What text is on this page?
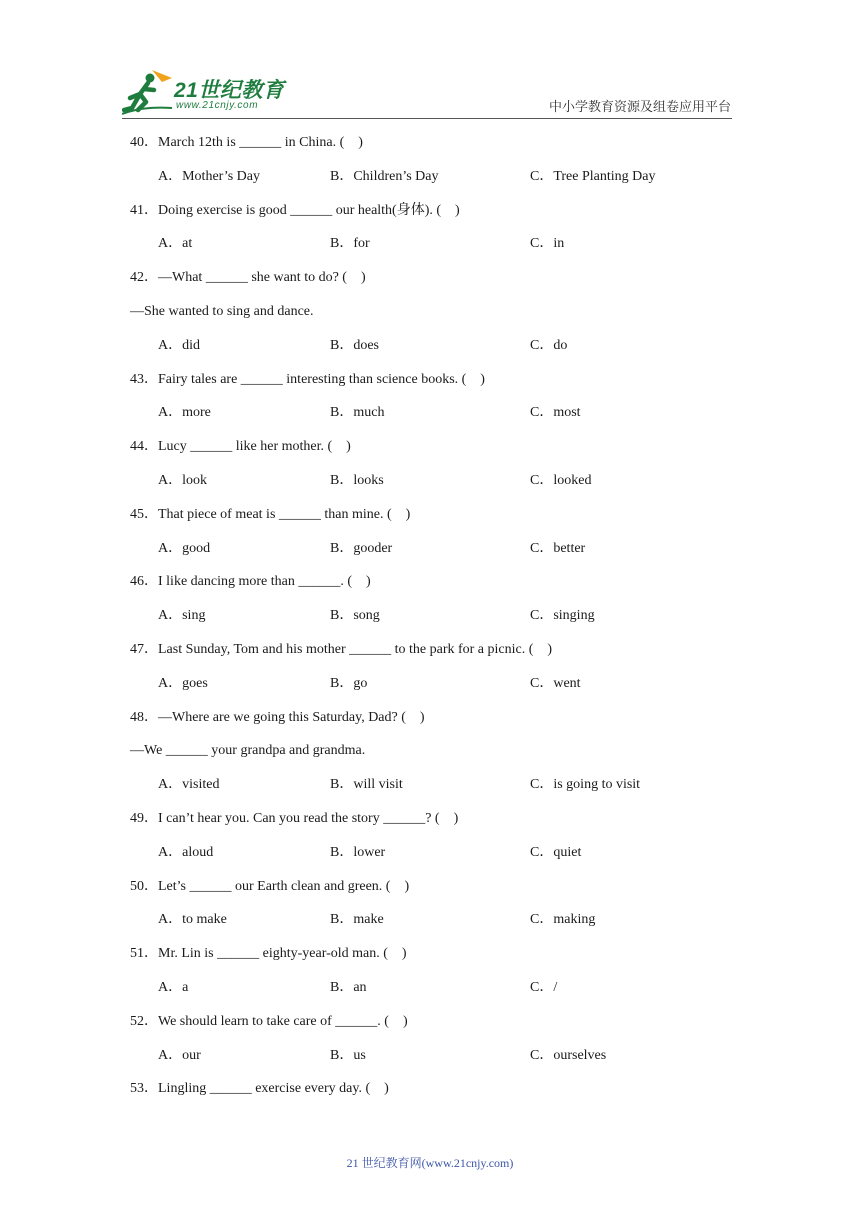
21世纪教育
www.21cnjy.com	中小学教育资源及组卷应用平台
40．March 12th is ______ in China. (    )
A．Mother’s Day	B．Children’s Day	C．Tree Planting Day
41．Doing exercise is good ______ our health(身体). (    )
A．at	B．for	C．in
42．—What ______ she want to do? (    )
—She wanted to sing and dance.
A．did	B．does	C．do
43．Fairy tales are ______ interesting than science books. (    )
A．more	B．much	C．most
44．Lucy ______ like her mother. (    )
A．look	B．looks	C．looked
45．That piece of meat is ______ than mine. (    )
A．good	B．gooder	C．better
46．I like dancing more than ______. (    )
A．sing	B．song	C．singing
47．Last Sunday, Tom and his mother ______ to the park for a picnic. (    )
A．goes	B．go	C．went
48．—Where are we going this Saturday, Dad? (    )
—We ______ your grandpa and grandma.
A．visited	B．will visit	C．is going to visit
49．I can’t hear you. Can you read the story ______? (    )
A．aloud	B．lower	C．quiet
50．Let’s ______ our Earth clean and green. (    )
A．to make	B．make	C．making
51．Mr. Lin is ______ eighty-year-old man. (    )
A．a	B．an	C．/
52．We should learn to take care of ______. (    )
A．our	B．us	C．ourselves
53．Lingling ______ exercise every day. (    )
21 世纪教育网(www.21cnjy.com)
